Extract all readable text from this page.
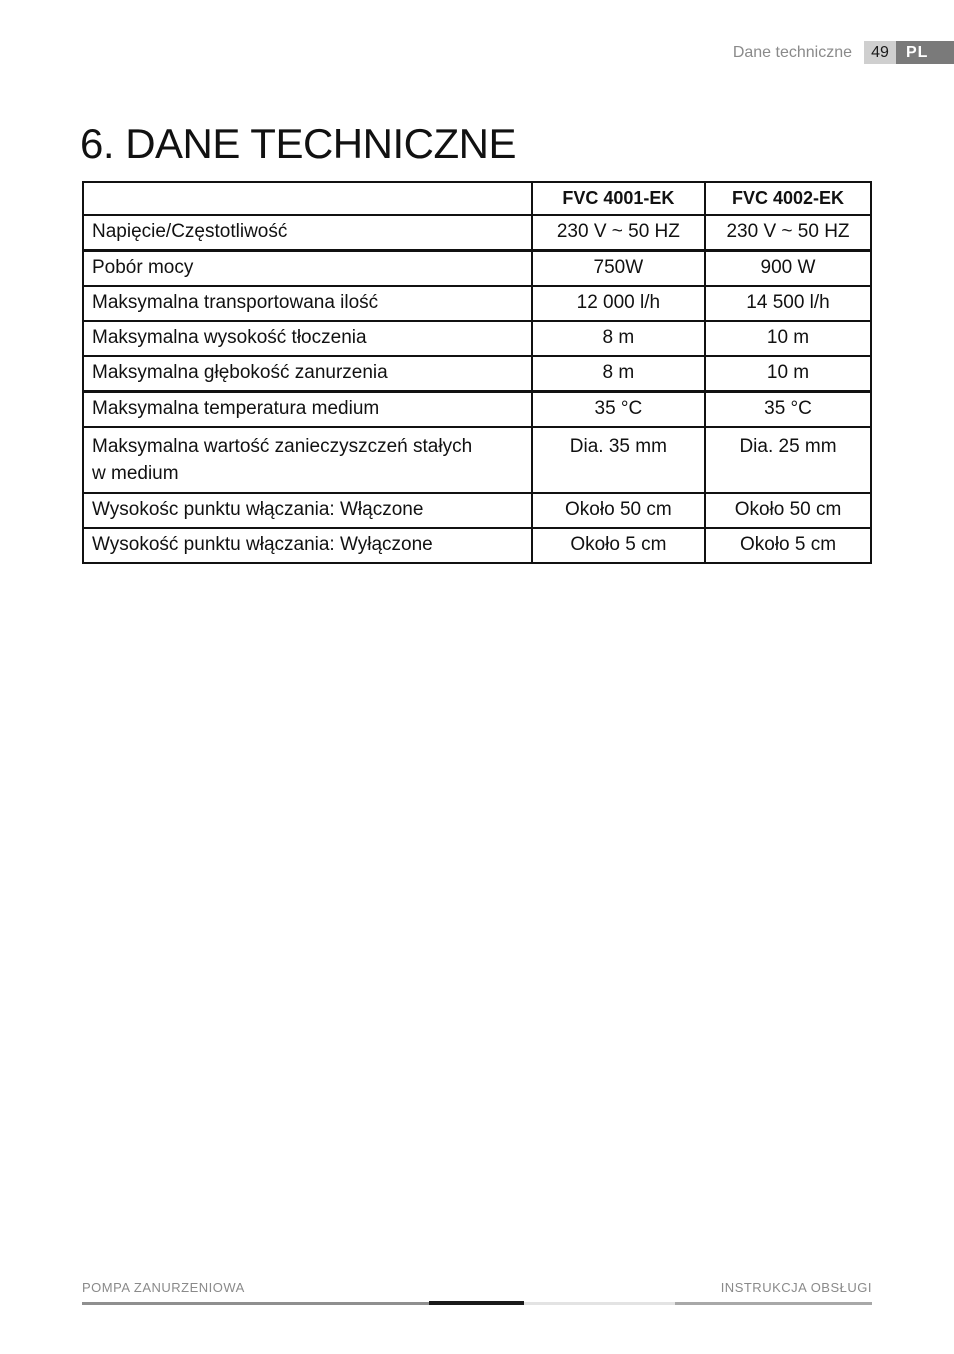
Dane techniczne	49	PL
6. DANE TECHNICZNE
	FVC 4001-EK	FVC 4002-EK
Napięcie/Częstotliwość	230 V ~ 50 HZ	230 V ~ 50 HZ
Pobór mocy	750W	900 W
Maksymalna transportowana ilość	12 000 l/h	14 500 l/h
Maksymalna wysokość tłoczenia	8 m	10 m
Maksymalna głębokość zanurzenia	8 m	10 m
Maksymalna temperatura medium	35 °C	35 °C
Maksymalna wartość zanieczyszczeń stałych w medium	Dia. 35 mm	Dia. 25 mm
Wysokośc punktu włączania: Włączone	Około 50 cm	Około 50 cm
Wysokość punktu włączania: Wyłączone	Około 5 cm	Około 5 cm
POMPA ZANURZENIOWA	INSTRUKCJA OBSŁUGI
